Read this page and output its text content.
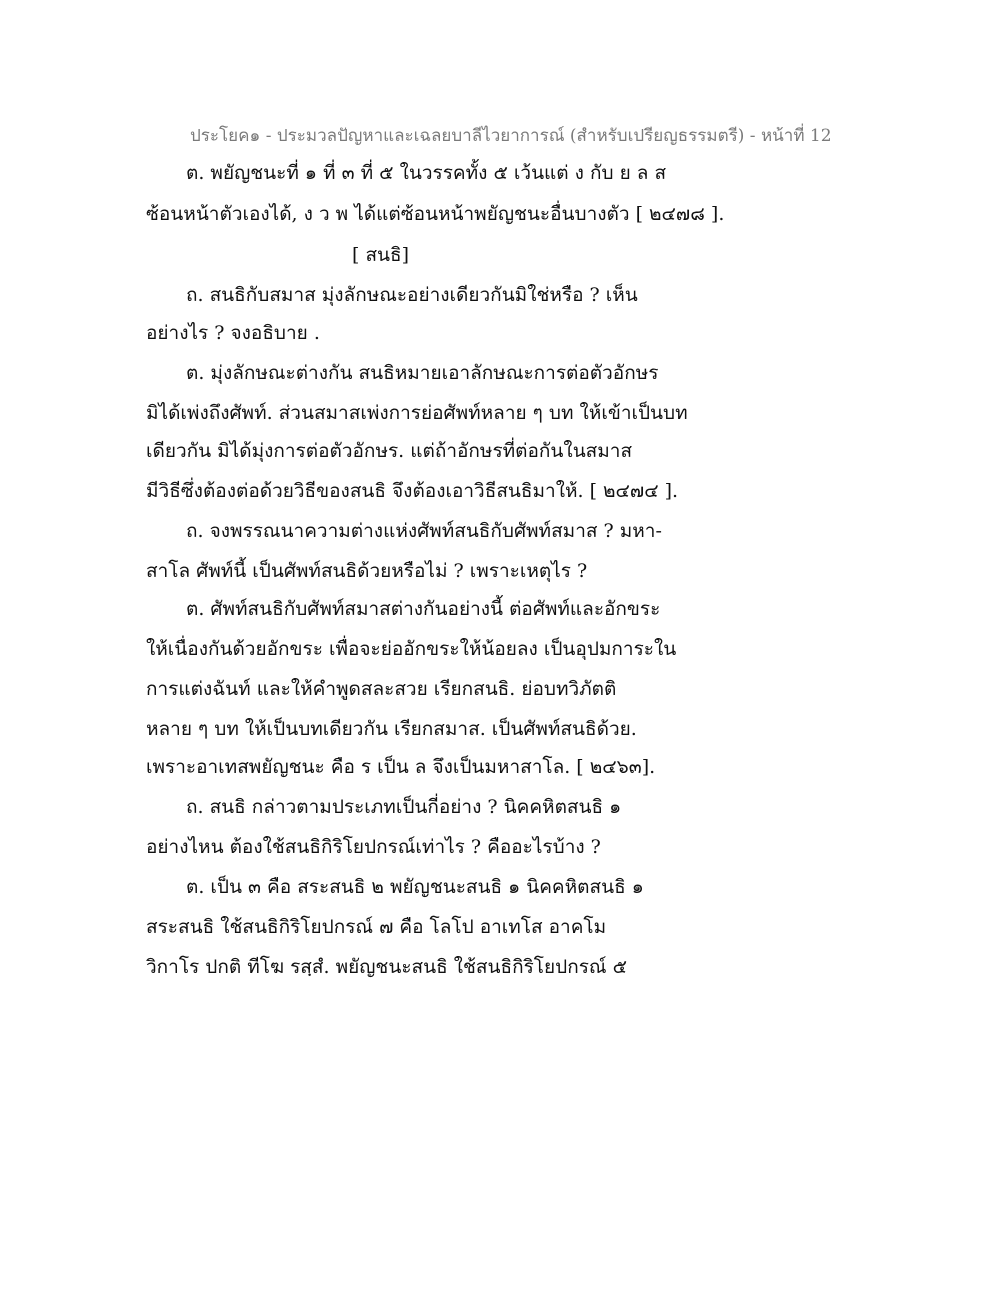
ประโยค๑ - ประมวลปัญหาและเฉลยบาลีไวยาการณ์ (สำหรับเปรียญธรรมตรี) - หน้าที่ 12
ต. พยัญชนะที่ ๑ ที่ ๓ ที่ ๕ ในวรรคทั้ง ๕ เว้นแต่ ง กับ ย ล ส
ซ้อนหน้าตัวเองได้, ง ว พ ได้แต่ซ้อนหน้าพยัญชนะอื่นบางตัว [ ๒๔๗๘ ].
[ สนธิ]
ถ. สนธิกับสมาส มุ่งลักษณะอย่างเดียวกันมิใช่หรือ ? เห็น
อย่างไร ? จงอธิบาย .
ต. มุ่งลักษณะต่างกัน สนธิหมายเอาลักษณะการต่อตัวอักษร
มิได้เพ่งถึงศัพท์. ส่วนสมาสเพ่งการย่อศัพท์หลาย ๆ บท ให้เข้าเป็นบท
เดียวกัน มิได้มุ่งการต่อตัวอักษร. แต่ถ้าอักษรที่ต่อกันในสมาส
มีวิธีซึ่งต้องต่อด้วยวิธีของสนธิ จึงต้องเอาวิธีสนธิมาให้. [ ๒๔๗๔ ].
ถ. จงพรรณนาความต่างแห่งศัพท์สนธิกับศัพท์สมาส ? มหา-
สาโล ศัพท์นี้ เป็นศัพท์สนธิด้วยหรือไม่ ? เพราะเหตุไร ?
ต. ศัพท์สนธิกับศัพท์สมาสต่างกันอย่างนี้ ต่อศัพท์และอักขระ
ให้เนื่องกันด้วยอักขระ เพื่อจะย่ออักขระให้น้อยลง เป็นอุปมการะใน
การแต่งฉันท์ และให้คำพูดสละสวย เรียกสนธิ. ย่อบทวิภัตติ
หลาย ๆ บท ให้เป็นบทเดียวกัน เรียกสมาส. เป็นศัพท์สนธิด้วย.
เพราะอาเทสพยัญชนะ คือ ร เป็น ล จึงเป็นมหาสาโล. [ ๒๔๖๓].
ถ. สนธิ กล่าวตามประเภทเป็นกี่อย่าง ? นิคคหิตสนธิ ๑
อย่างไหน ต้องใช้สนธิกิริโยปกรณ์เท่าไร ? คืออะไรบ้าง ?
ต. เป็น ๓ คือ สระสนธิ ๒ พยัญชนะสนธิ ๑ นิคคหิตสนธิ ๑
สระสนธิ ใช้สนธิกิริโยปกรณ์ ๗ คือ โลโป อาเทโส อาคโม
วิกาโร ปกติ ทีโฆ รสฺสํ. พยัญชนะสนธิ ใช้สนธิกิริโยปกรณ์ ๕
